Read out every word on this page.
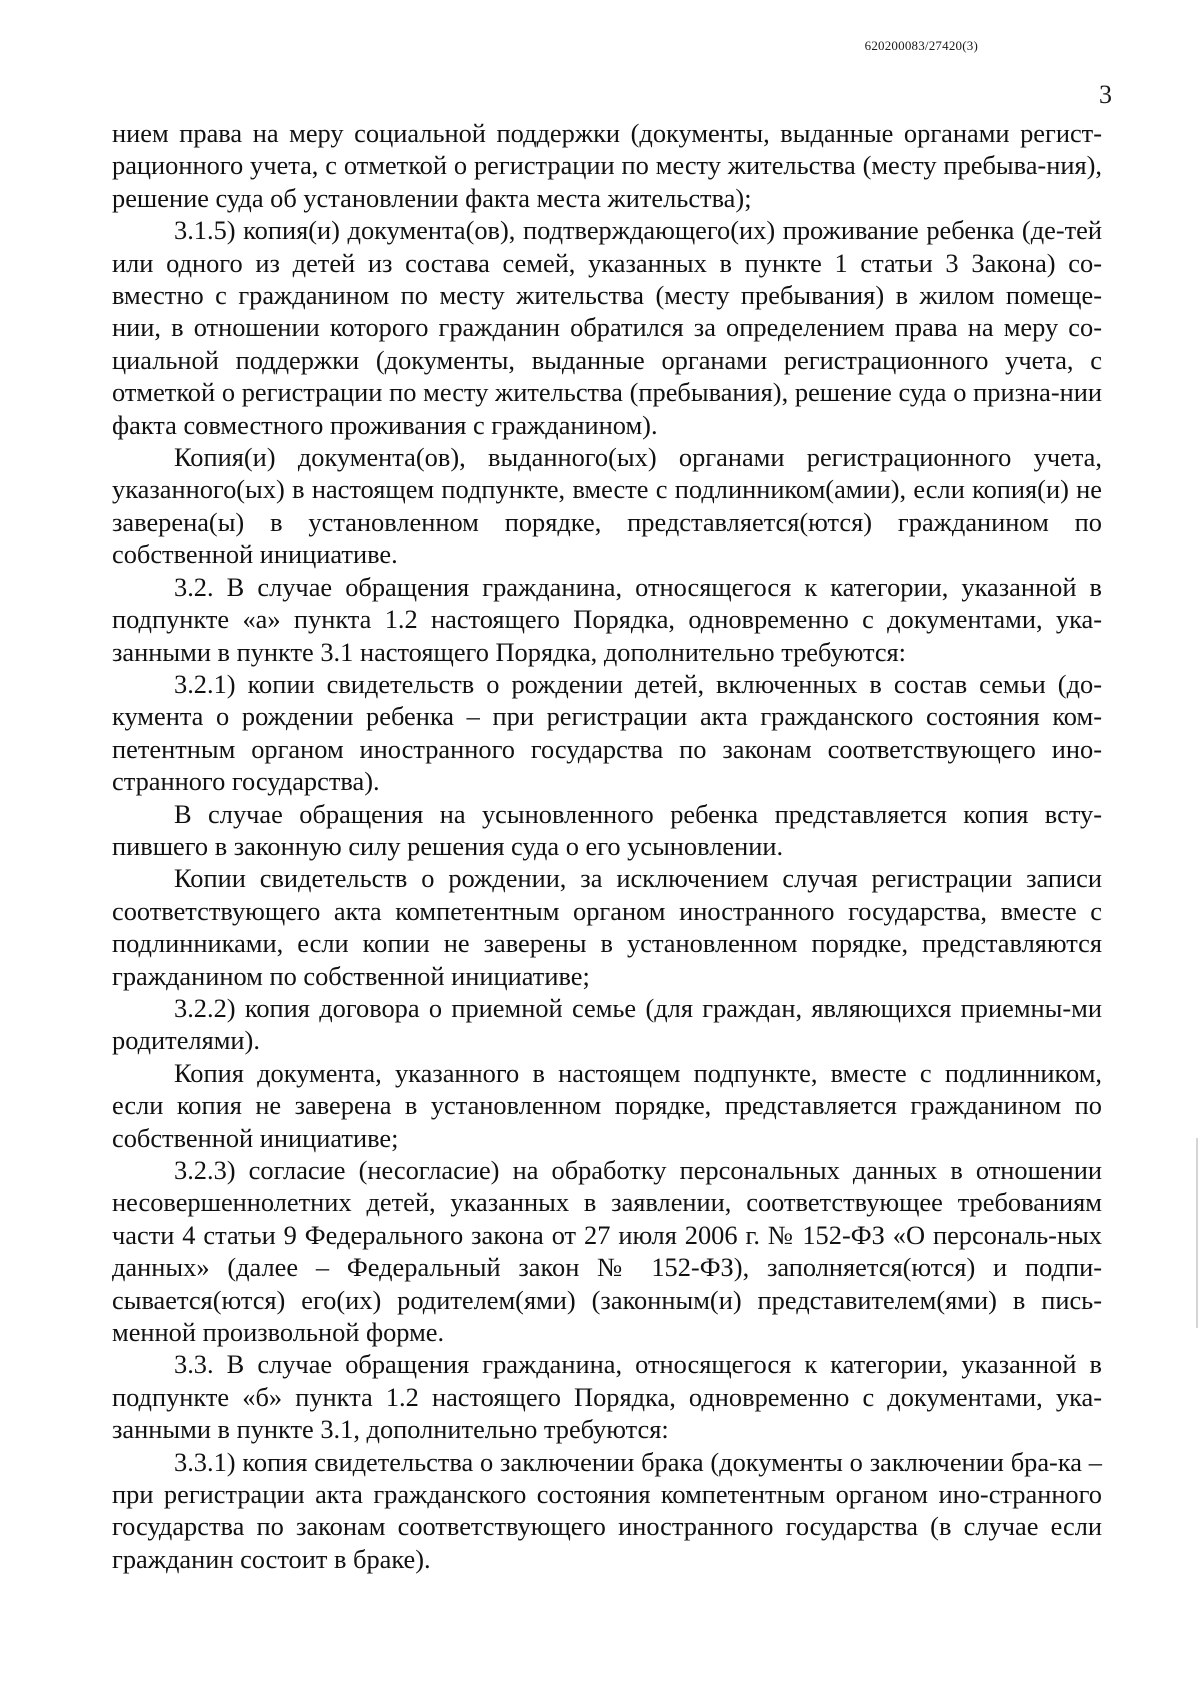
620200083/27420(3)
3

нием права на меру социальной поддержки (документы, выданные органами регист-рационного учета, с отметкой о регистрации по месту жительства (месту пребыва-ния), решение суда об установлении факта места жительства);

3.1.5) копия(и) документа(ов), подтверждающего(их) проживание ребенка (де-тей или одного из детей из состава семей, указанных в пункте 1 статьи 3 Закона) со-вместно с гражданином по месту жительства (месту пребывания) в жилом помеще-нии, в отношении которого гражданин обратился за определением права на меру со-циальной поддержки (документы, выданные органами регистрационного учета, с отметкой о регистрации по месту жительства (пребывания), решение суда о призна-нии факта совместного проживания с гражданином).

Копия(и) документа(ов), выданного(ых) органами регистрационного учета, указанного(ых) в настоящем подпункте, вместе с подлинником(амии), если копия(и) не заверена(ы) в установленном порядке, представляется(ются) гражданином по собственной инициативе.

3.2. В случае обращения гражданина, относящегося к категории, указанной в подпункте «а» пункта 1.2 настоящего Порядка, одновременно с документами, ука-занными в пункте 3.1 настоящего Порядка, дополнительно требуются:

3.2.1) копии свидетельств о рождении детей, включенных в состав семьи (до-кумента о рождении ребенка – при регистрации акта гражданского состояния ком-петентным органом иностранного государства по законам соответствующего ино-странного государства).

В случае обращения на усыновленного ребенка представляется копия всту-пившего в законную силу решения суда о его усыновлении.

Копии свидетельств о рождении, за исключением случая регистрации записи соответствующего акта компетентным органом иностранного государства, вместе с подлинниками, если копии не заверены в установленном порядке, представляются гражданином по собственной инициативе;

3.2.2) копия договора о приемной семье (для граждан, являющихся приемны-ми родителями).

Копия документа, указанного в настоящем подпункте, вместе с подлинником, если копия не заверена в установленном порядке, представляется гражданином по собственной инициативе;

3.2.3) согласие (несогласие) на обработку персональных данных в отношении несовершеннолетних детей, указанных в заявлении, соответствующее требованиям части 4 статьи 9 Федерального закона от 27 июля 2006 г. № 152-ФЗ «О персональ-ных данных» (далее – Федеральный закон № 152-ФЗ), заполняется(ются) и подпи-сывается(ются) его(их) родителем(ями) (законным(и) представителем(ями) в пись-менной произвольной форме.

3.3. В случае обращения гражданина, относящегося к категории, указанной в подпункте «б» пункта 1.2 настоящего Порядка, одновременно с документами, ука-занными в пункте 3.1, дополнительно требуются:

3.3.1) копия свидетельства о заключении брака (документы о заключении бра-ка – при регистрации акта гражданского состояния компетентным органом ино-странного государства по законам соответствующего иностранного государства (в случае если гражданин состоит в браке).
